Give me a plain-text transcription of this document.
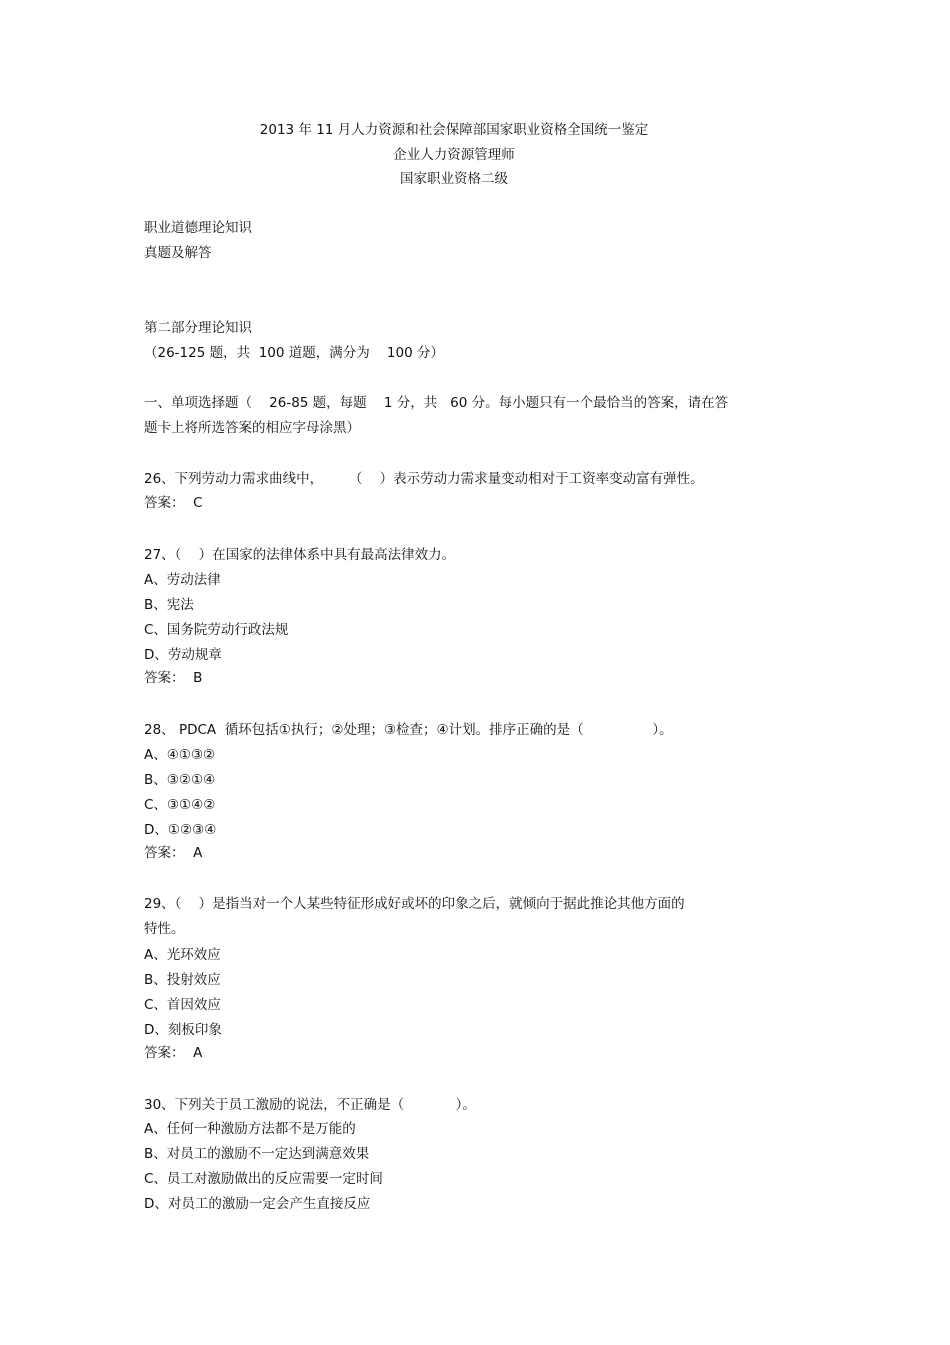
2013 年 11 月人力资源和社会保障部国家职业资格全国统一鉴定
企业人力资源管理师
国家职业资格二级
职业道德理论知识
真题及解答
第二部分理论知识
（26-125 题，共  100 道题，满分为    100 分）
一、单项选择题（    26-85 题，每题    1 分，共   60 分。每小题只有一个最恰当的答案，请在答
题卡上将所选答案的相应字母涂黑）
26、下列劳动力需求曲线中，      （    ）表示劳动力需求量变动相对于工资率变动富有弹性。
答案：  C
27、（    ）在国家的法律体系中具有最高法律效力。
A、劳动法律
B、宪法
C、国务院劳动行政法规
D、劳动规章
答案：  B
28、 PDCA  循环包括①执行；②处理；③检查；④计划。排序正确的是（                ）。
A、④①③②
B、③②①④
C、③①④②
D、①②③④
答案：  A
29、（    ）是指当对一个人某些特征形成好或坏的印象之后，就倾向于据此推论其他方面的
特性。
A、光环效应
B、投射效应
C、首因效应
D、刻板印象
答案：  A
30、下列关于员工激励的说法，不正确是（            ）。
A、任何一种激励方法都不是万能的
B、对员工的激励不一定达到满意效果
C、员工对激励做出的反应需要一定时间
D、对员工的激励一定会产生直接反应
